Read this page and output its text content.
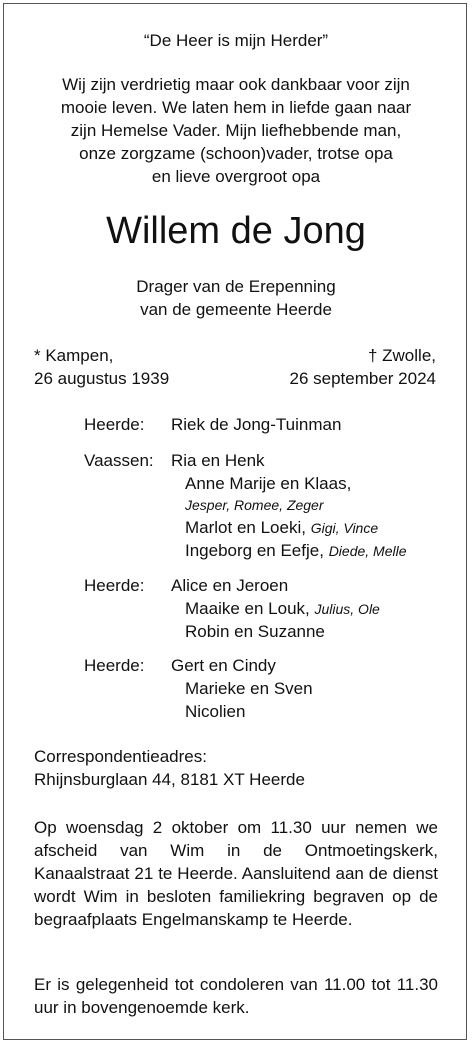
“De Heer is mijn Herder”
Wij zijn verdrietig maar ook dankbaar voor zijn
mooie leven. We laten hem in liefde gaan naar
zijn Hemelse Vader. Mijn liefhebbende man,
onze zorgzame (schoon)vader, trotse opa
en lieve overgroot opa
Willem de Jong
Drager van de Erepenning
van de gemeente Heerde
* Kampen,
26 augustus 1939
† Zwolle,
26 september 2024
Heerde: Riek de Jong-Tuinman
Vaassen: Ria en Henk
Anne Marije en Klaas,
Jesper, Romee, Zeger
Marlot en Loeki, Gigi, Vince
Ingeborg en Eefje, Diede, Melle
Heerde: Alice en Jeroen
Maaike en Louk, Julius, Ole
Robin en Suzanne
Heerde: Gert en Cindy
Marieke en Sven
Nicolien
Correspondentieadres:
Rhijnsburglaan 44, 8181 XT Heerde
Op woensdag 2 oktober om 11.30 uur nemen we afscheid van Wim in de Ontmoetingskerk, Kanaalstraat 21 te Heerde. Aansluitend aan de dienst wordt Wim in besloten familiekring begraven op de begraafplaats Engelmanskamp te Heerde.
Er is gelegenheid tot condoleren van 11.00 tot 11.30 uur in bovengenoemde kerk.
